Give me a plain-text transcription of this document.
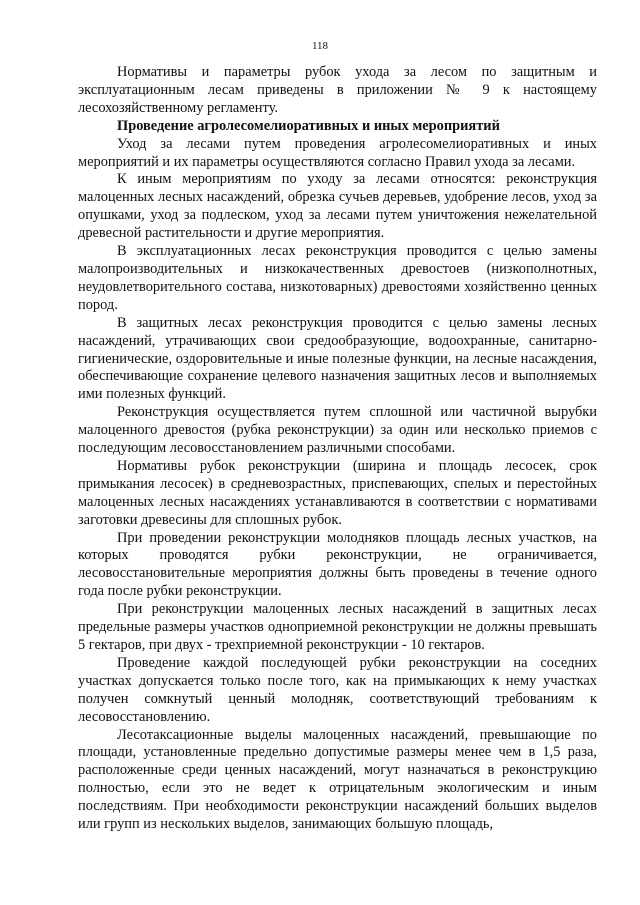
118

Нормативы и параметры рубок ухода за лесом по защитным и эксплуатационным лесам приведены в приложении № 9 к настоящему лесохозяйственному регламенту.

Проведение агролесомелиоративных и иных мероприятий

Уход за лесами путем проведения агролесомелиоративных и иных мероприятий и их параметры осуществляются согласно Правил ухода за лесами.

К иным мероприятиям по уходу за лесами относятся: реконструкция малоценных лесных насаждений, обрезка сучьев деревьев, удобрение лесов, уход за опушками, уход за подлеском, уход за лесами путем уничтожения нежелательной древесной растительности и другие мероприятия.

В эксплуатационных лесах реконструкция проводится с целью замены малопроизводительных и низкокачественных древостоев (низкополнотных, неудовлетворительного состава, низкотоварных) древостоями хозяйственно ценных пород.

В защитных лесах реконструкция проводится с целью замены лесных насаждений, утрачивающих свои средообразующие, водоохранные, санитарно-гигиенические, оздоровительные и иные полезные функции, на лесные насаждения, обеспечивающие сохранение целевого назначения защитных лесов и выполняемых ими полезных функций.

Реконструкция осуществляется путем сплошной или частичной вырубки малоценного древостоя (рубка реконструкции) за один или несколько приемов с последующим лесовосстановлением различными способами.

Нормативы рубок реконструкции (ширина и площадь лесосек, срок примыкания лесосек) в средневозрастных, приспевающих, спелых и перестойных малоценных лесных насаждениях устанавливаются в соответствии с нормативами заготовки древесины для сплошных рубок.

При проведении реконструкции молодняков площадь лесных участков, на которых проводятся рубки реконструкции, не ограничивается, лесовосстановительные мероприятия должны быть проведены в течение одного года после рубки реконструкции.

При реконструкции малоценных лесных насаждений в защитных лесах предельные размеры участков одноприемной реконструкции не должны превышать 5 гектаров, при двух - трехприемной реконструкции - 10 гектаров.

Проведение каждой последующей рубки реконструкции на соседних участках допускается только после того, как на примыкающих к нему участках получен сомкнутый ценный молодняк, соответствующий требованиям к лесовосстановлению.

Лесотаксационные выделы малоценных насаждений, превышающие по площади, установленные предельно допустимые размеры менее чем в 1,5 раза, расположенные среди ценных насаждений, могут назначаться в реконструкцию полностью, если это не ведет к отрицательным экологическим и иным последствиям. При необходимости реконструкции насаждений больших выделов или групп из нескольких выделов, занимающих большую площадь,
